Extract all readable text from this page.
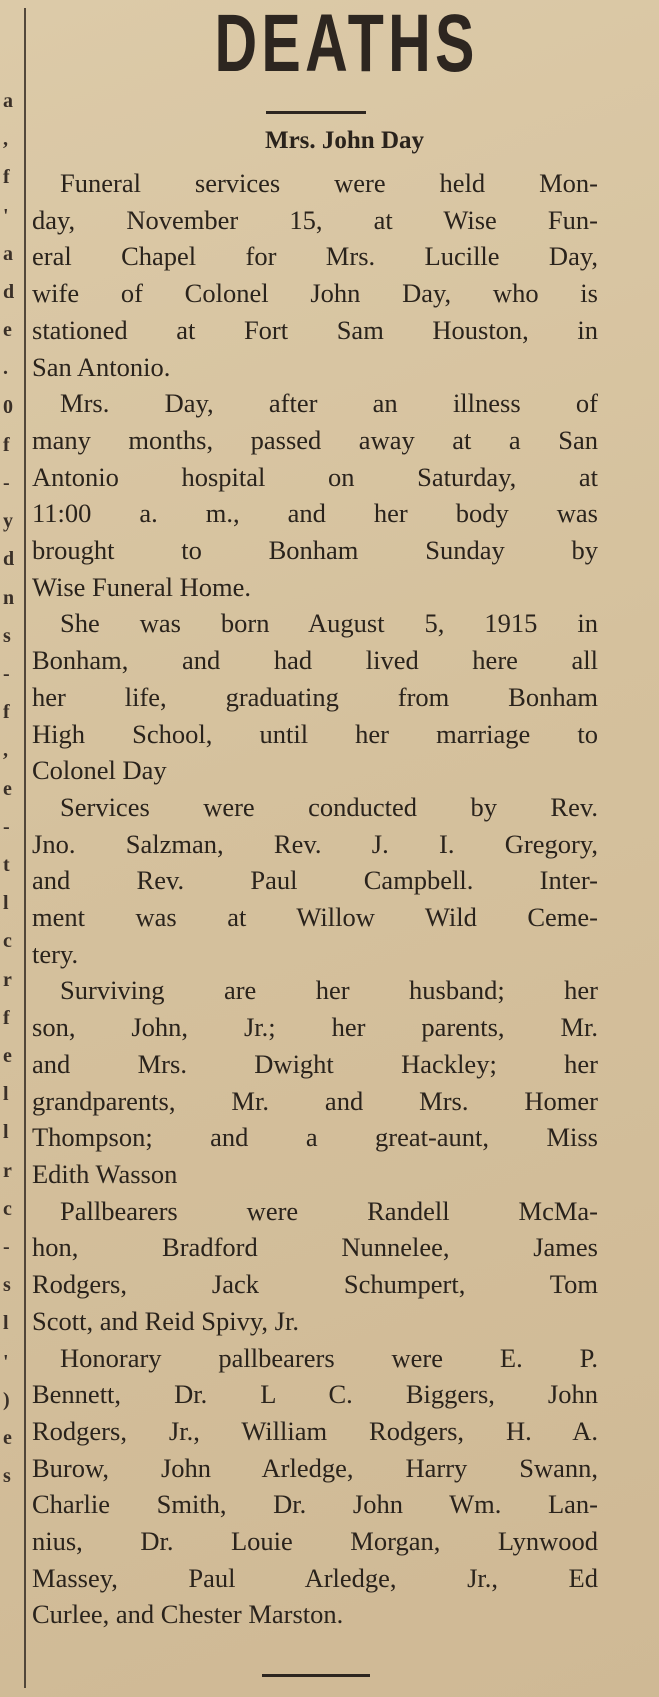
a
,
f
'
a
d
e
.
0
f
-
y
d
n
s
-
f
,
e
-
t
l
c
r
f
e
l
l
r
c
-
s
l
'
)
e
s
DEATHS
Mrs. John Day
Funeral services were held Mon-
day, November 15, at Wise Fun-
eral Chapel for Mrs. Lucille Day,
wife of Colonel John Day, who is
stationed at Fort Sam Houston, in
San Antonio.
Mrs. Day, after an illness of
many months, passed away at a San
Antonio hospital on Saturday, at
11:00 a. m., and her body was
brought to Bonham Sunday by
Wise Funeral Home.
She was born August 5, 1915 in
Bonham, and had lived here all
her life, graduating from Bonham
High School, until her marriage to
Colonel Day
Services were conducted by Rev.
Jno. Salzman, Rev. J. I. Gregory,
and Rev. Paul Campbell. Inter-
ment was at Willow Wild Ceme-
tery.
Surviving are her husband; her
son, John, Jr.; her parents, Mr.
and Mrs. Dwight Hackley; her
grandparents, Mr. and Mrs. Homer
Thompson; and a great-aunt, Miss
Edith Wasson
Pallbearers were Randell McMa-
hon, Bradford Nunnelee, James
Rodgers, Jack Schumpert, Tom
Scott, and Reid Spivy, Jr.
Honorary pallbearers were E. P.
Bennett, Dr. L C. Biggers, John
Rodgers, Jr., William Rodgers, H. A.
Burow, John Arledge, Harry Swann,
Charlie Smith, Dr. John Wm. Lan-
nius, Dr. Louie Morgan, Lynwood
Massey, Paul Arledge, Jr., Ed
Curlee, and Chester Marston.
